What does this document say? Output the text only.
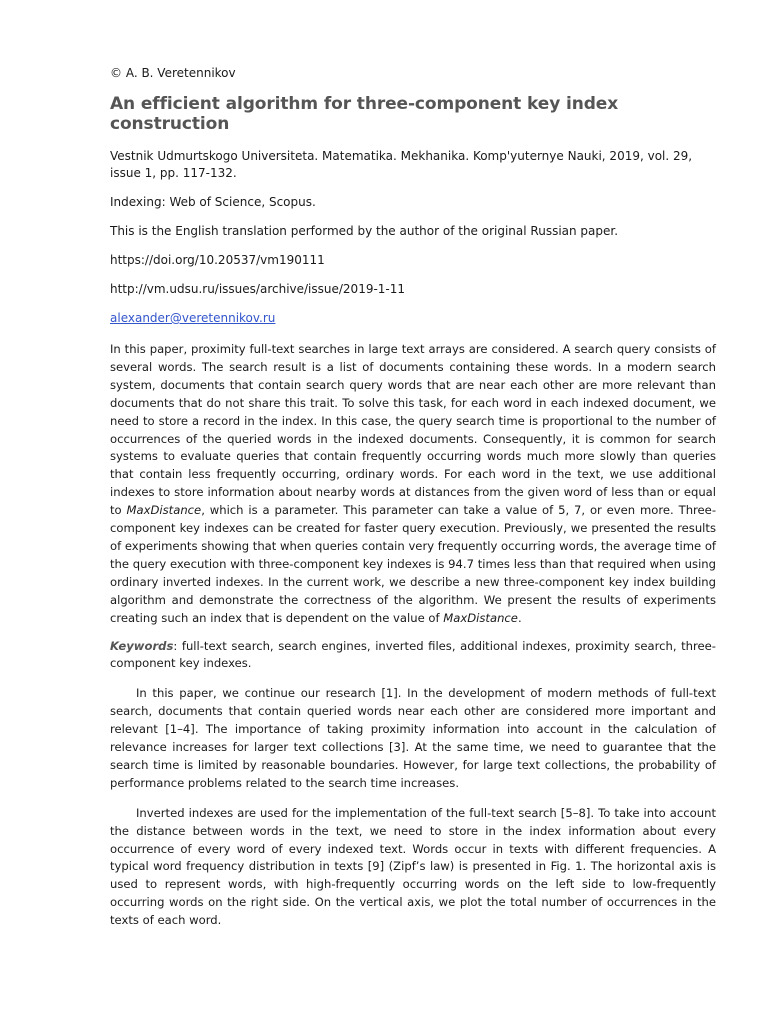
© A. B. Veretennikov

An efficient algorithm for three-component key index construction

Vestnik Udmurtskogo Universiteta. Matematika. Mekhanika. Komp'yuternye Nauki, 2019, vol. 29, issue 1, pp. 117-132.

Indexing: Web of Science, Scopus.

This is the English translation performed by the author of the original Russian paper.

https://doi.org/10.20537/vm190111

http://vm.udsu.ru/issues/archive/issue/2019-1-11

alexander@veretennikov.ru

In this paper, proximity full-text searches in large text arrays are considered. A search query consists of several words. The search result is a list of documents containing these words. In a modern search system, documents that contain search query words that are near each other are more relevant than documents that do not share this trait. To solve this task, for each word in each indexed document, we need to store a record in the index. In this case, the query search time is proportional to the number of occurrences of the queried words in the indexed documents. Consequently, it is common for search systems to evaluate queries that contain frequently occurring words much more slowly than queries that contain less frequently occurring, ordinary words. For each word in the text, we use additional indexes to store information about nearby words at distances from the given word of less than or equal to MaxDistance, which is a parameter. This parameter can take a value of 5, 7, or even more. Three-component key indexes can be created for faster query execution. Previously, we presented the results of experiments showing that when queries contain very frequently occurring words, the average time of the query execution with three-component key indexes is 94.7 times less than that required when using ordinary inverted indexes. In the current work, we describe a new three-component key index building algorithm and demonstrate the correctness of the algorithm. We present the results of experiments creating such an index that is dependent on the value of MaxDistance.

Keywords: full-text search, search engines, inverted files, additional indexes, proximity search, three-component key indexes.

In this paper, we continue our research [1]. In the development of modern methods of full-text search, documents that contain queried words near each other are considered more important and relevant [1–4]. The importance of taking proximity information into account in the calculation of relevance increases for larger text collections [3]. At the same time, we need to guarantee that the search time is limited by reasonable boundaries. However, for large text collections, the probability of performance problems related to the search time increases.

Inverted indexes are used for the implementation of the full-text search [5–8]. To take into account the distance between words in the text, we need to store in the index information about every occurrence of every word of every indexed text. Words occur in texts with different frequencies. A typical word frequency distribution in texts [9] (Zipf’s law) is presented in Fig. 1. The horizontal axis is used to represent words, with high-frequently occurring words on the left side to low-frequently occurring words on the right side. On the vertical axis, we plot the total number of occurrences in the texts of each word.
